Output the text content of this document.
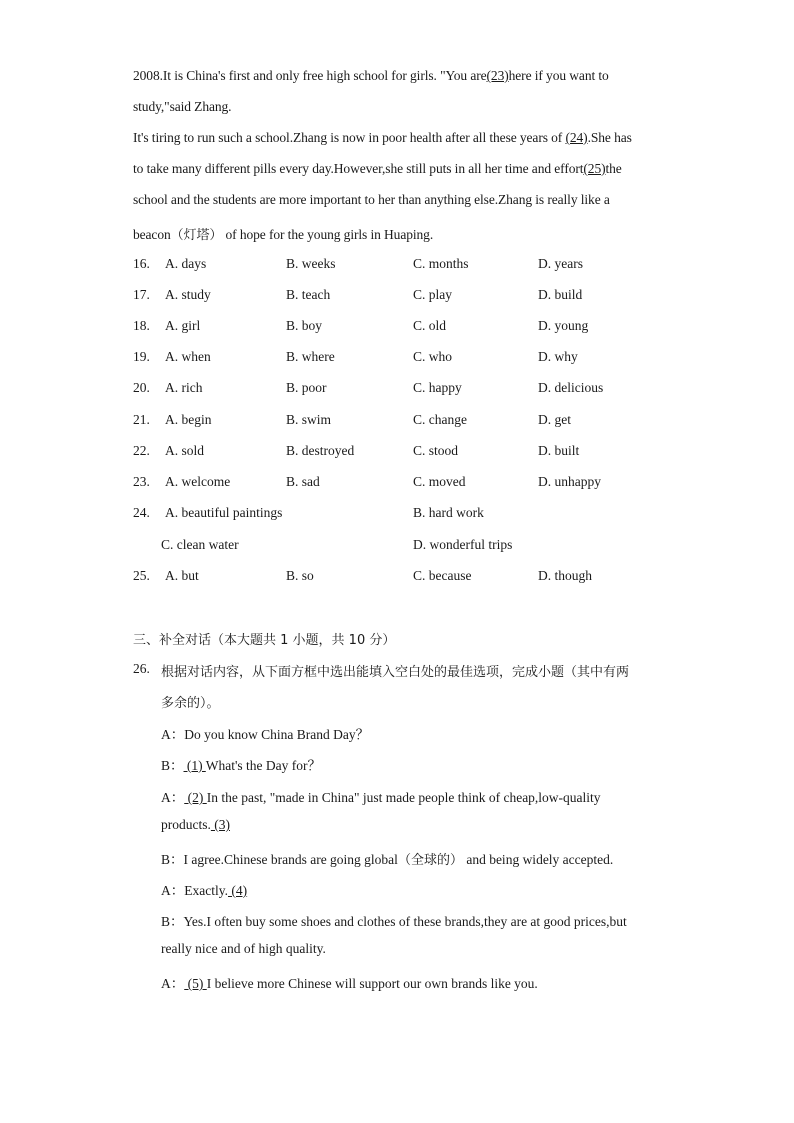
2008.It is China's first and only free high school for girls. "You are(23)here if you want to
study,"said Zhang.
It's tiring to run such a school.Zhang is now in poor health after all these years of (24).She has
to take many different pills every day.However,she still puts in all her time and effort(25)the
school and the students are more important to her than anything else.Zhang is really like a
beacon（灯塔） of hope for the young girls in Huaping.
16. A. days	B. weeks	C. months	D. years
17. A. study	B. teach	C. play	D. build
18. A. girl	B. boy	C. old	D. young
19. A. when	B. where	C. who	D. why
20. A. rich	B. poor	C. happy	D. delicious
21. A. begin	B. swim	C. change	D. get
22. A. sold	B. destroyed	C. stood	D. built
23. A. welcome	B. sad	C. moved	D. unhappy
24. A. beautiful paintings	B. hard work
C. clean water	D. wonderful trips
25. A. but	B. so	C. because	D. though
三、补全对话（本大题共 1 小题，共 10 分）
26. 根据对话内容，从下面方框中选出能填入空白处的最佳选项，完成小题（其中有两
多余的）。
A：Do you know China Brand Day？
B： (1) What's the Day for？
A： (2) In the past, "made in China" just made people think of cheap,low-quality
products. (3)
B：I agree.Chinese brands are going global（全球的） and being widely accepted.
A：Exactly. (4)
B：Yes.I often buy some shoes and clothes of these brands,they are at good prices,but
really nice and of high quality.
A： (5) I believe more Chinese will support our own brands like you.
